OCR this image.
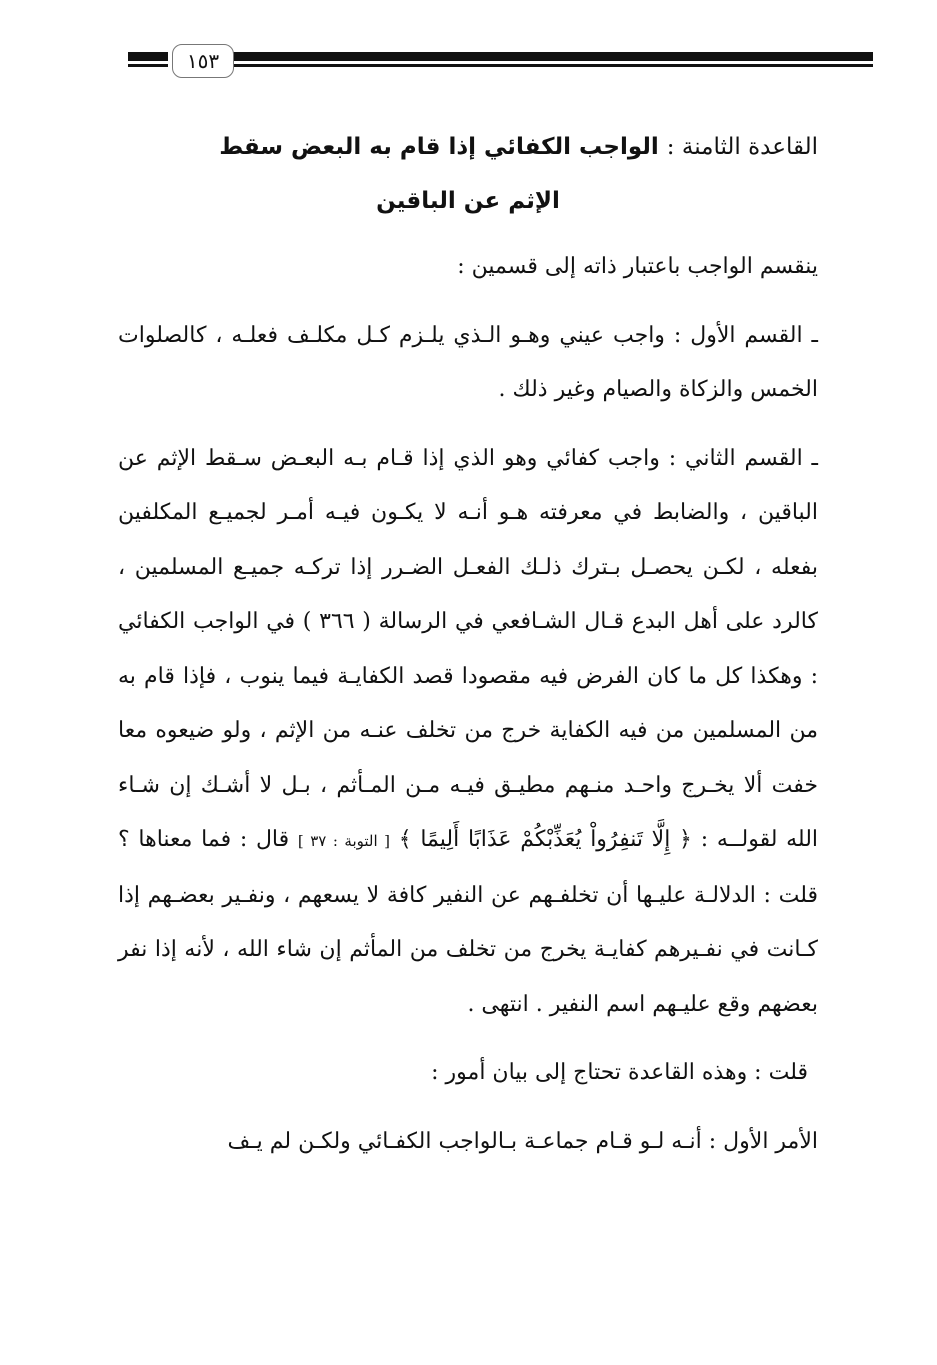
١٥٣
القاعدة الثامنة : الواجب الكفائي إذا قام به البعض سقط
الإثم عن الباقين

ينقسم الواجب باعتبار ذاته إلى قسمين :

ـ القسم الأول : واجب عيني وهـو الـذي يلـزم كـل مكلـف فعلـه ، كالصلوات الخمس والزكاة والصيام وغير ذلك .

ـ القسم الثاني : واجب كفائي وهو الذي إذا قـام بـه البعـض سـقط الإثم عن الباقين ، والضابط في معرفته هـو أنـه لا يكـون فيـه أمـر لجميـع المكلفين بفعله ، لكـن يحصـل بـترك ذلـك الفعـل الضـرر إذا تركـه جميـع المسلمين ، كالرد على أهل البدع قـال الشـافعي في الرسالة ( ٣٦٦ ) في الواجب الكفائي : وهكذا كل ما كان الفرض فيه مقصودا قصد الكفايـة فيما ينوب ، فإذا قام به من المسلمين من فيه الكفاية خرج من تخلف عنـه من الإثم ، ولو ضيعوه معا خفت ألا يخـرج واحـد منـهم مطيـق فيـه مـن المـأثم ، بـل لا أشـك إن شـاء الله لقولــه : ﴿ إِلَّا تَنفِرُواْ يُعَذِّبْكُمْ عَذَابًا أَلِيمًا ﴾ [ التوبة : ٣٧ ] قال : فما معناها ؟ قلت : الدلالـة عليـها أن تخلفـهم عن النفير كافة لا يسعهم ، ونفـير بعضـهم إذا كـانت في نفـيرهم كفايـة يخرج من تخلف من المأثم إن شاء الله ، لأنه إذا نفر بعضهم وقع عليـهم اسم النفير . انتهى .

قلت : وهذه القاعدة تحتاج إلى بيان أمور :

الأمر الأول : أنـه لـو قـام جماعـة بـالواجب الكفـائي ولكـن لم يـف
